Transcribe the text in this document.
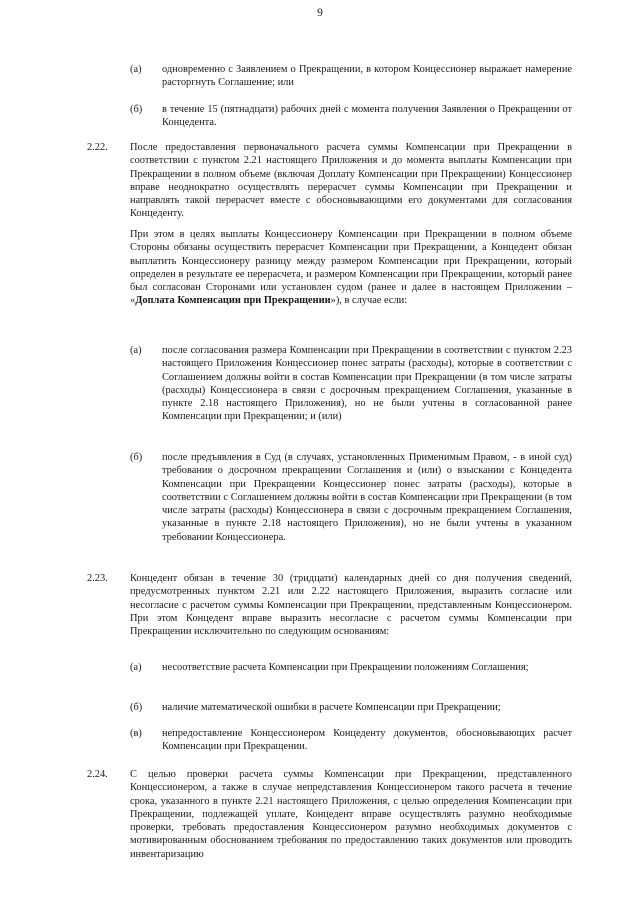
9
(а) одновременно с Заявлением о Прекращении, в котором Концессионер выражает намерение расторгнуть Соглашение; или
(б) в течение 15 (пятнадцати) рабочих дней с момента получения Заявления о Прекращении от Концедента.
2.22. После предоставления первоначального расчета суммы Компенсации при Прекращении в соответствии с пунктом 2.21 настоящего Приложения и до момента выплаты Компенсации при Прекращении в полном объеме (включая Доплату Компенсации при Прекращении) Концессионер вправе неоднократно осуществлять перерасчет суммы Компенсации при Прекращении и направлять такой перерасчет вместе с обосновывающими его документами для согласования Концеденту.
При этом в целях выплаты Концессионеру Компенсации при Прекращении в полном объеме Стороны обязаны осуществить перерасчет Компенсации при Прекращении, а Концедент обязан выплатить Концессионеру разницу между размером Компенсации при Прекращении, который определен в результате ее перерасчета, и размером Компенсации при Прекращении, который ранее был согласован Сторонами или установлен судом (ранее и далее в настоящем Приложении – «Доплата Компенсации при Прекращении»), в случае если:
(а) после согласования размера Компенсации при Прекращении в соответствии с пунктом 2.23 настоящего Приложения Концессионер понес затраты (расходы), которые в соответствии с Соглашением должны войти в состав Компенсации при Прекращении (в том числе затраты (расходы) Концессионера в связи с досрочным прекращением Соглашения, указанные в пункте 2.18 настоящего Приложения), но не были учтены в согласованной ранее Компенсации при Прекращении; и (или)
(б) после предъявления в Суд (в случаях, установленных Применимым Правом, - в иной суд) требования о досрочном прекращении Соглашения и (или) о взыскании с Концедента Компенсации при Прекращении Концессионер понес затраты (расходы), которые в соответствии с Соглашением должны войти в состав Компенсации при Прекращении (в том числе затраты (расходы) Концессионера в связи с досрочным прекращением Соглашения, указанные в пункте 2.18 настоящего Приложения), но не были учтены в указанном требовании Концессионера.
2.23. Концедент обязан в течение 30 (тридцати) календарных дней со дня получения сведений, предусмотренных пунктом 2.21 или 2.22 настоящего Приложения, выразить согласие или несогласие с расчетом суммы Компенсации при Прекращении, представленным Концессионером. При этом Концедент вправе выразить несогласие с расчетом суммы Компенсации при Прекращении исключительно по следующим основаниям:
(а) несоответствие расчета Компенсации при Прекращении положениям Соглашения;
(б) наличие математической ошибки в расчете Компенсации при Прекращении;
(в) непредоставление Концессионером Концеденту документов, обосновывающих расчет Компенсации при Прекращении.
2.24. С целью проверки расчета суммы Компенсации при Прекращении, представленного Концессионером, а также в случае непредставления Концессионером такого расчета в течение срока, указанного в пункте 2.21 настоящего Приложения, с целью определения Компенсации при Прекращении, подлежащей уплате, Концедент вправе осуществлять разумно необходимые проверки, требовать предоставления Концессионером разумно необходимых документов с мотивированным обоснованием требования по предоставлению таких документов или проводить инвентаризацию
